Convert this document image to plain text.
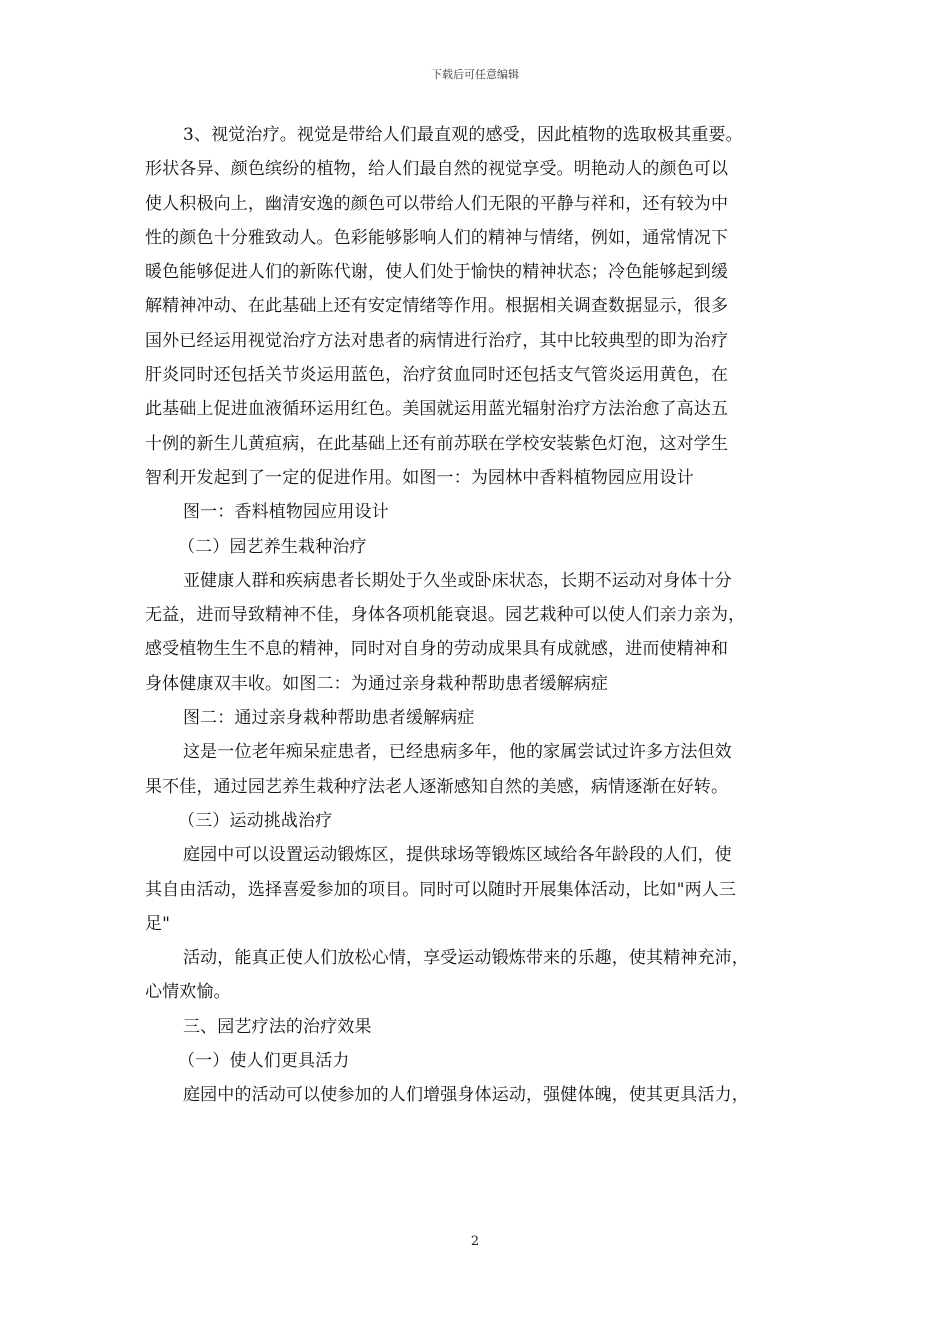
下载后可任意编辑
3、视觉治疗。视觉是带给人们最直观的感受，因此植物的选取极其重要。
形状各异、颜色缤纷的植物，给人们最自然的视觉享受。明艳动人的颜色可以
使人积极向上，幽清安逸的颜色可以带给人们无限的平静与祥和，还有较为中
性的颜色十分雅致动人。色彩能够影响人们的精神与情绪，例如，通常情况下
暖色能够促进人们的新陈代谢，使人们处于愉快的精神状态；冷色能够起到缓
解精神冲动、在此基础上还有安定情绪等作用。根据相关调查数据显示，很多
国外已经运用视觉治疗方法对患者的病情进行治疗，其中比较典型的即为治疗
肝炎同时还包括关节炎运用蓝色，治疗贫血同时还包括支气管炎运用黄色，在
此基础上促进血液循环运用红色。美国就运用蓝光辐射治疗方法治愈了高达五
十例的新生儿黄疸病，在此基础上还有前苏联在学校安装紫色灯泡，这对学生
智利开发起到了一定的促进作用。如图一：为园林中香料植物园应用设计
图一：香料植物园应用设计
（二）园艺养生栽种治疗
亚健康人群和疾病患者长期处于久坐或卧床状态，长期不运动对身体十分
无益，进而导致精神不佳，身体各项机能衰退。园艺栽种可以使人们亲力亲为，
感受植物生生不息的精神，同时对自身的劳动成果具有成就感，进而使精神和
身体健康双丰收。如图二：为通过亲身栽种帮助患者缓解病症
图二：通过亲身栽种帮助患者缓解病症
这是一位老年痴呆症患者，已经患病多年，他的家属尝试过许多方法但效
果不佳，通过园艺养生栽种疗法老人逐渐感知自然的美感，病情逐渐在好转。
（三）运动挑战治疗
庭园中可以设置运动锻炼区，提供球场等锻炼区域给各年龄段的人们，使
其自由活动，选择喜爱参加的项目。同时可以随时开展集体活动，比如"两人三
足"
活动，能真正使人们放松心情，享受运动锻炼带来的乐趣，使其精神充沛，
心情欢愉。
三、园艺疗法的治疗效果
（一）使人们更具活力
庭园中的活动可以使参加的人们增强身体运动，强健体魄，使其更具活力，
2
